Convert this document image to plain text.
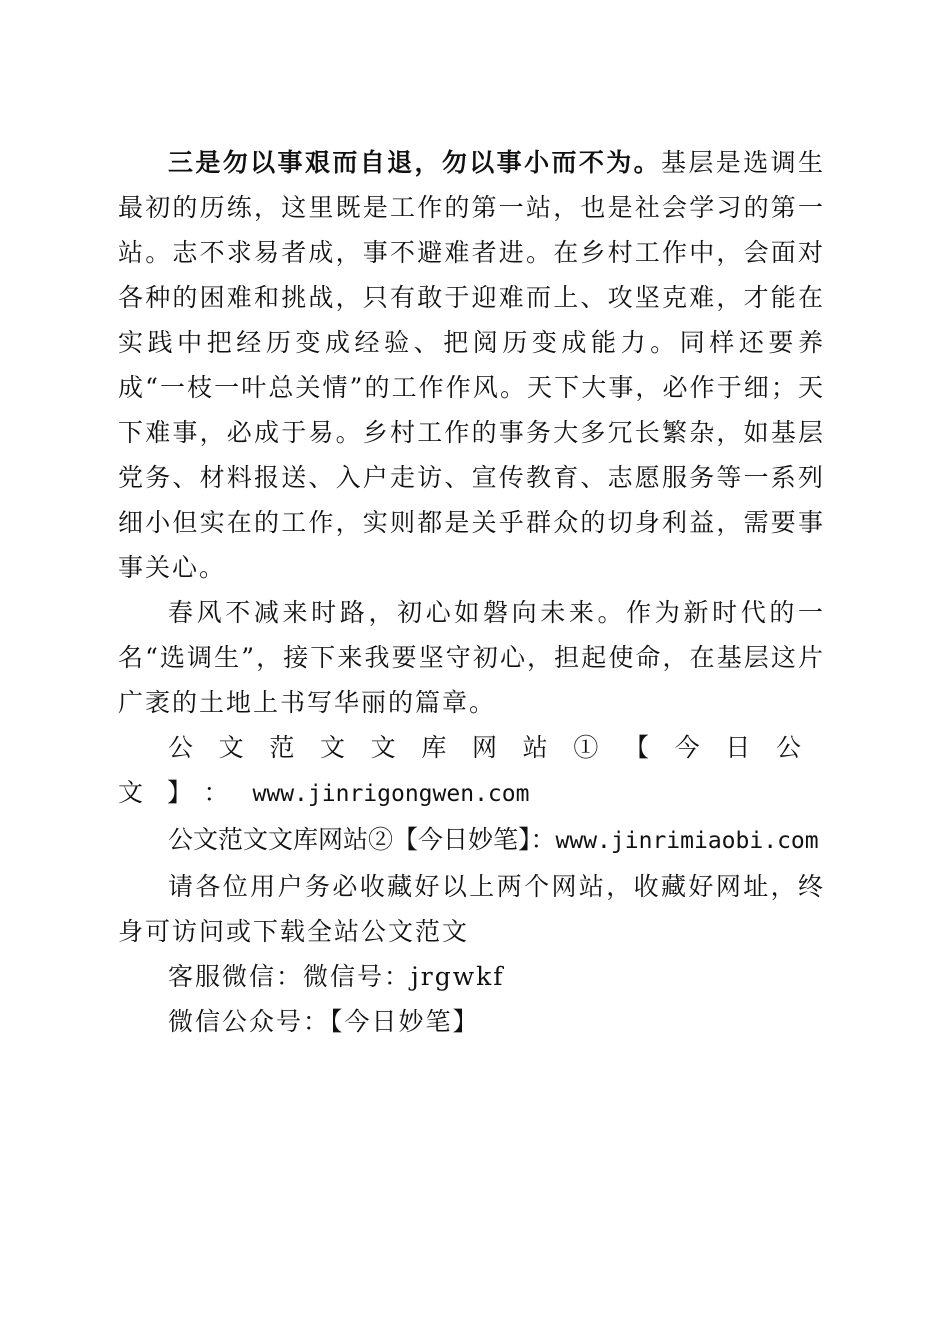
三是勿以事艰而自退，勿以事小而不为。基层是选调生最初的历练，这里既是工作的第一站，也是社会学习的第一站。志不求易者成，事不避难者进。在乡村工作中，会面对各种的困难和挑战，只有敢于迎难而上、攻坚克难，才能在实践中把经历变成经验、把阅历变成能力。同样还要养成“一枝一叶总关情”的工作作风。天下大事，必作于细；天下难事，必成于易。乡村工作的事务大多冗长繁杂，如基层党务、材料报送、入户走访、宣传教育、志愿服务等一系列细小但实在的工作，实则都是关乎群众的切身利益，需要事事关心。

春风不减来时路，初心如磐向未来。作为新时代的一名“选调生”，接下来我要坚守初心，担起使命，在基层这片广袤的土地上书写华丽的篇章。

公文范文文库网站①【今日公文】：www.jinrigongwen.com

公文范文文库网站②【今日妙笔】：www.jinrimiaobi.com

请各位用户务必收藏好以上两个网站，收藏好网址，终身可访问或下载全站公文范文

客服微信：微信号：jrgwkf

微信公众号：【今日妙笔】
